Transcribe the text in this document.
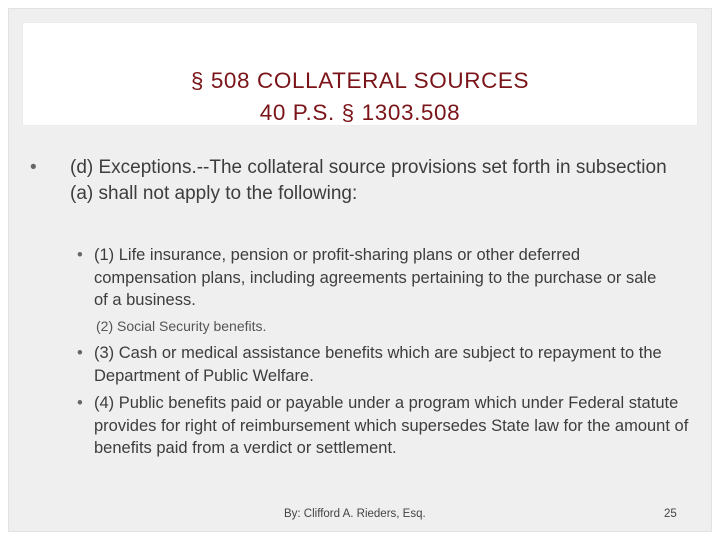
§ 508 COLLATERAL SOURCES
40 P.S. § 1303.508
• (d) Exceptions.--The collateral source provisions set forth in subsection (a) shall not apply to the following:
• (1) Life insurance, pension or profit-sharing plans or other deferred compensation plans, including agreements pertaining to the purchase or sale of a business.
(2) Social Security benefits.
• (3) Cash or medical assistance benefits which are subject to repayment to the Department of Public Welfare.
• (4) Public benefits paid or payable under a program which under Federal statute provides for right of reimbursement which supersedes State law for the amount of benefits paid from a verdict or settlement.
By: Clifford A. Rieders, Esq.	25
